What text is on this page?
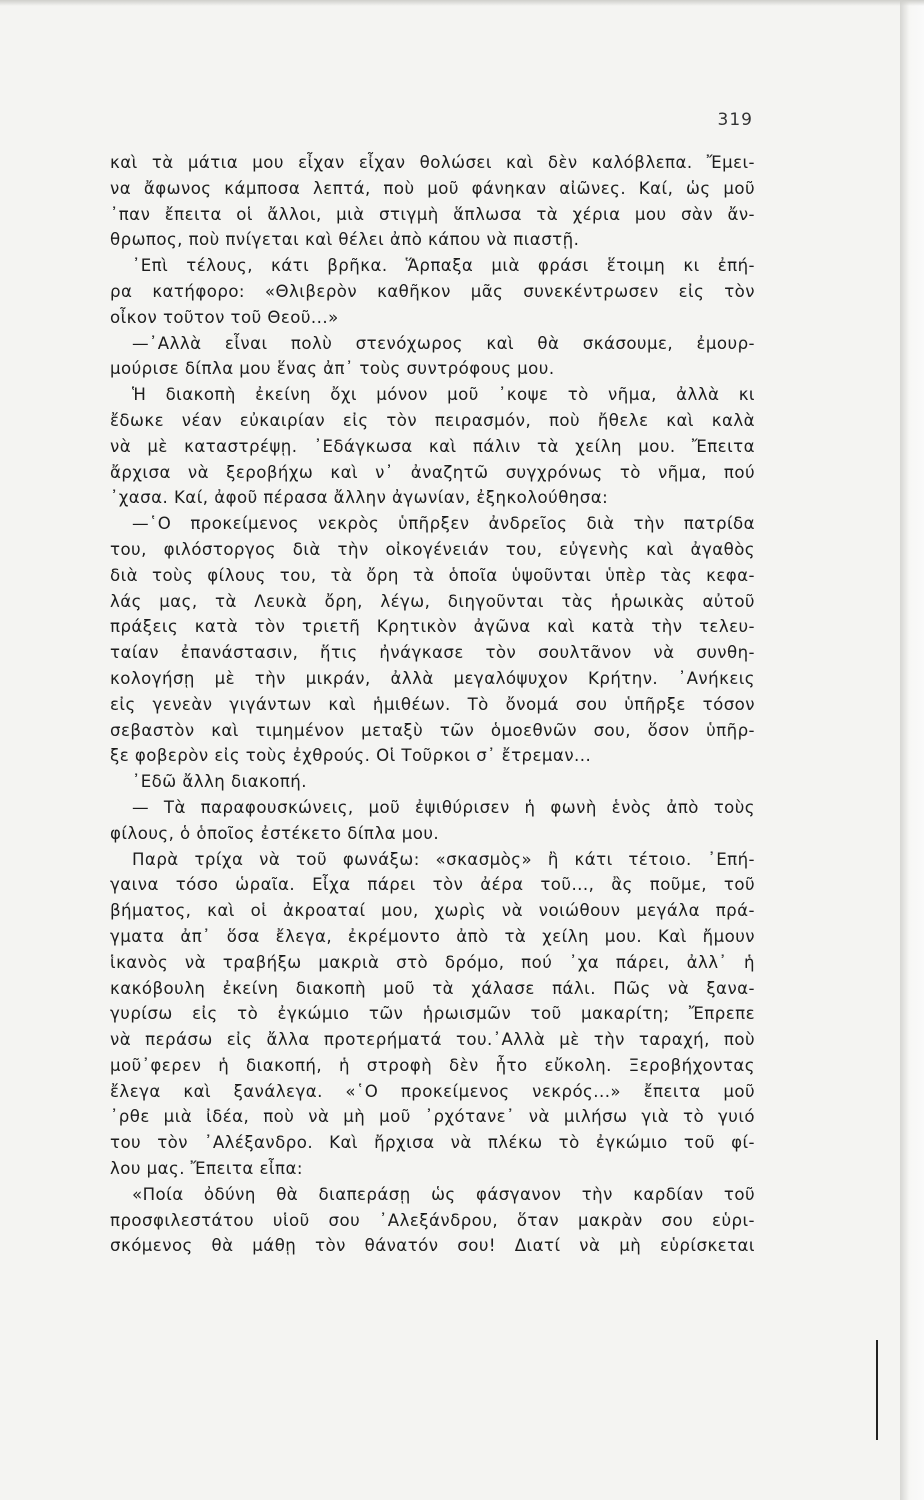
319
καὶ τὰ μάτια μου εἶχαν εἶχαν θολώσει καὶ δὲν καλόβλεπα. Ἔμει-
να ἄφωνος κάμποσα λεπτά, ποὺ μοῦ φάνηκαν αἰῶνες. Καί, ὡς μοῦ
᾿παν ἔπειτα οἱ ἄλλοι, μιὰ στιγμὴ ἅπλωσα τὰ χέρια μου σὰν ἄν-
θρωπος, ποὺ πνίγεται καὶ θέλει ἀπὸ κάπου νὰ πιαστῇ.
᾿Επὶ τέλους, κάτι βρῆκα. Ἅρπαξα μιὰ φράσι ἕτοιμη κι ἐπή-
ρα κατήφορο: «Θλιβερὸν καθῆκον μᾶς συνεκέντρωσεν εἰς τὸν
οἶκον τοῦτον τοῦ Θεοῦ...»
—᾿Αλλὰ εἶναι πολὺ στενόχωρος καὶ θὰ σκάσουμε, ἐμουρ-
μούρισε δίπλα μου ἕνας ἀπ᾿ τοὺς συντρόφους μου.
Ἡ διακοπὴ ἐκείνη ὄχι μόνον μοῦ ᾿κοψε τὸ νῆμα, ἀλλὰ κι
ἔδωκε νέαν εὐκαιρίαν εἰς τὸν πειρασμόν, ποὺ ἤθελε καὶ καλὰ
νὰ μὲ καταστρέψῃ. ᾿Εδάγκωσα καὶ πάλιν τὰ χείλη μου. Ἔπειτα
ἄρχισα νὰ ξεροβήχω καὶ ν᾿ ἀναζητῶ συγχρόνως τὸ νῆμα, πού
᾿χασα. Καί, ἀφοῦ πέρασα ἄλλην ἀγωνίαν, ἐξηκολούθησα:
—῾Ο προκείμενος νεκρὸς ὑπῆρξεν ἀνδρεῖος διὰ τὴν πατρίδα
του, φιλόστοργος διὰ τὴν οἰκογένειάν του, εὐγενὴς καὶ ἀγαθὸς
διὰ τοὺς φίλους του, τὰ ὄρη τὰ ὁποῖα ὑψοῦνται ὑπὲρ τὰς κεφα-
λάς μας, τὰ Λευκὰ ὄρη, λέγω, διηγοῦνται τὰς ἡρωικὰς αὐτοῦ
πράξεις κατὰ τὸν τριετῆ Κρητικὸν ἀγῶνα καὶ κατὰ τὴν τελευ-
ταίαν ἐπανάστασιν, ἥτις ἠνάγκασε τὸν σουλτᾶνον νὰ συνθη-
κολογήσῃ μὲ τὴν μικράν, ἀλλὰ μεγαλόψυχον Κρήτην. ᾿Ανήκεις
εἰς γενεὰν γιγάντων καὶ ἡμιθέων. Τὸ ὄνομά σου ὑπῆρξε τόσον
σεβαστὸν καὶ τιμημένον μεταξὺ τῶν ὁμοεθνῶν σου, ὅσον ὑπῆρ-
ξε φοβερὸν εἰς τοὺς ἐχθρούς. Οἱ Τοῦρκοι σ᾿ ἔτρεμαν...
᾿Εδῶ ἄλλη διακοπή.
— Τὰ παραφουσκώνεις, μοῦ ἐψιθύρισεν ἡ φωνὴ ἑνὸς ἀπὸ τοὺς
φίλους, ὁ ὁποῖος ἐστέκετο δίπλα μου.
Παρὰ τρίχα νὰ τοῦ φωνάξω: «σκασμὸς» ἢ κάτι τέτοιο. ᾿Επή-
γαινα τόσο ὡραῖα. Εἶχα πάρει τὸν ἀέρα τοῦ..., ἂς ποῦμε, τοῦ
βήματος, καὶ οἱ ἀκροαταί μου, χωρὶς νὰ νοιώθουν μεγάλα πρά-
γματα ἀπ᾿ ὅσα ἔλεγα, ἐκρέμοντο ἀπὸ τὰ χείλη μου. Καὶ ἤμουν
ἱκανὸς νὰ τραβήξω μακριὰ στὸ δρόμο, πού ᾿χα πάρει, ἀλλ᾿ ἡ
κακόβουλη ἐκείνη διακοπὴ μοῦ τὰ χάλασε πάλι. Πῶς νὰ ξανα-
γυρίσω εἰς τὸ ἐγκώμιο τῶν ἡρωισμῶν τοῦ μακαρίτη; Ἔπρεπε
νὰ περάσω εἰς ἄλλα προτερήματά του.᾿Αλλὰ μὲ τὴν ταραχή, ποὺ
μοῦ᾿φερεν ἡ διακοπή, ἡ στροφὴ δὲν ἦτο εὔκολη. Ξεροβήχοντας
ἔλεγα καὶ ξανάλεγα. «῾Ο προκείμενος νεκρός...» ἔπειτα μοῦ
᾿ρθε μιὰ ἰδέα, ποὺ νὰ μὴ μοῦ ᾿ρχότανε᾿ νὰ μιλήσω γιὰ τὸ γυιό
του τὸν ᾿Αλέξανδρο. Καὶ ἤρχισα νὰ πλέκω τὸ ἐγκώμιο τοῦ φί-
λου μας. Ἔπειτα εἶπα:
«Ποία ὀδύνη θὰ διαπεράσῃ ὡς φάσγανον τὴν καρδίαν τοῦ
προσφιλεστάτου υἱοῦ σου ᾿Αλεξάνδρου, ὅταν μακρὰν σου εὑρι-
σκόμενος θὰ μάθῃ τὸν θάνατόν σου! Διατί νὰ μὴ εὑρίσκεται
